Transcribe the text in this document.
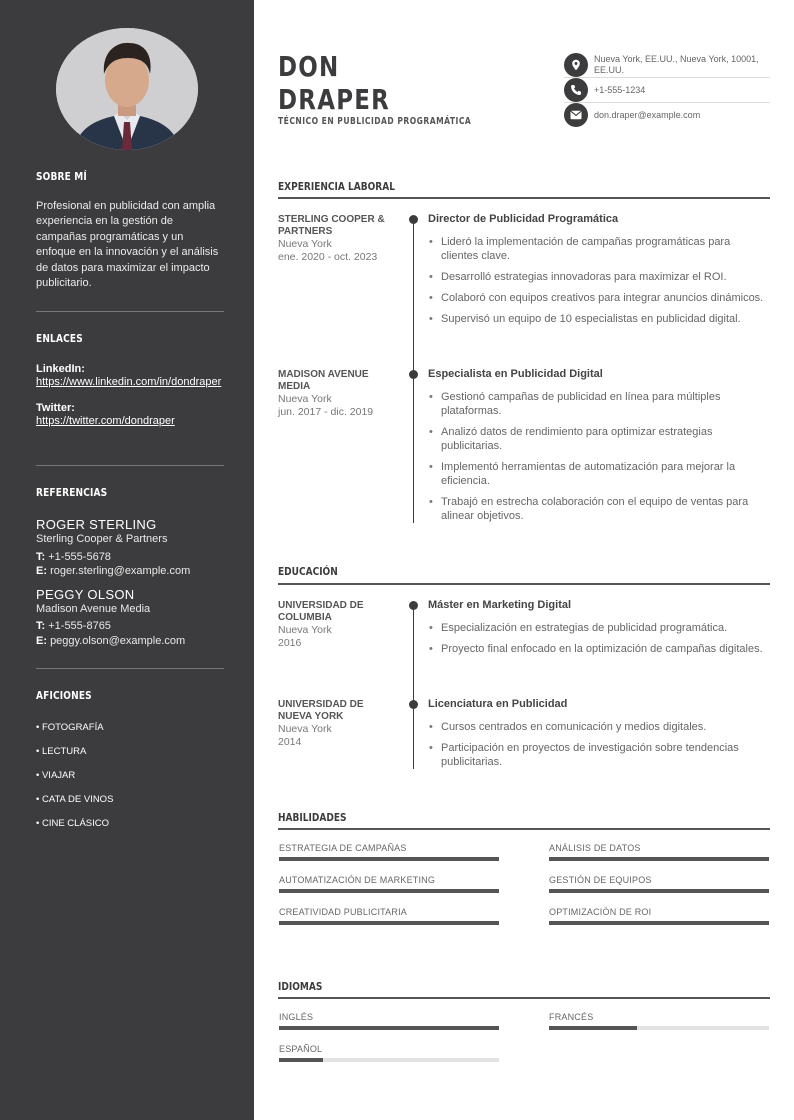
SOBRE MÍ

Profesional en publicidad con amplia experiencia en la gestión de campañas programáticas y un enfoque en la innovación y el análisis de datos para maximizar el impacto publicitario.

ENLACES
LinkedIn:
https://www.linkedin.com/in/dondraper
Twitter:
https://twitter.com/dondraper
REFERENCIAS
ROGER STERLING
Sterling Cooper & Partners
T: +1-555-5678
E: roger.sterling@example.com
PEGGY OLSON
Madison Avenue Media
T: +1-555-8765
E: peggy.olson@example.com
AFICIONES
• FOTOGRAFÍA
• LECTURA
• VIAJAR
• CATA DE VINOS
• CINE CLÁSICO
DON
DRAPER
TÉCNICO EN PUBLICIDAD PROGRAMÁTICA
Nueva York, EE.UU., Nueva York, 10001, EE.UU.
+1-555-1234
don.draper@example.com
EXPERIENCIA LABORAL
STERLING COOPER & PARTNERS
Nueva York
ene. 2020 - oct. 2023
Director de Publicidad Programática
• Lideró la implementación de campañas programáticas para clientes clave.
• Desarrolló estrategias innovadoras para maximizar el ROI.
• Colaboró con equipos creativos para integrar anuncios dinámicos.
• Supervisó un equipo de 10 especialistas en publicidad digital.
MADISON AVENUE MEDIA
Nueva York
jun. 2017 - dic. 2019
Especialista en Publicidad Digital
• Gestionó campañas de publicidad en línea para múltiples plataformas.
• Analizó datos de rendimiento para optimizar estrategias publicitarias.
• Implementó herramientas de automatización para mejorar la eficiencia.
• Trabajó en estrecha colaboración con el equipo de ventas para alinear objetivos.
EDUCACIÓN
UNIVERSIDAD DE COLUMBIA
Nueva York
2016
Máster en Marketing Digital
• Especialización en estrategias de publicidad programática.
• Proyecto final enfocado en la optimización de campañas digitales.
UNIVERSIDAD DE NUEVA YORK
Nueva York
2014
Licenciatura en Publicidad
• Cursos centrados en comunicación y medios digitales.
• Participación en proyectos de investigación sobre tendencias publicitarias.
HABILIDADES
ESTRATEGIA DE CAMPAÑAS	ANÁLISIS DE DATOS
AUTOMATIZACIÓN DE MARKETING	GESTIÓN DE EQUIPOS
CREATIVIDAD PUBLICITARIA	OPTIMIZACIÓN DE ROI
IDIOMAS
INGLÉS	FRANCÉS
ESPAÑOL
